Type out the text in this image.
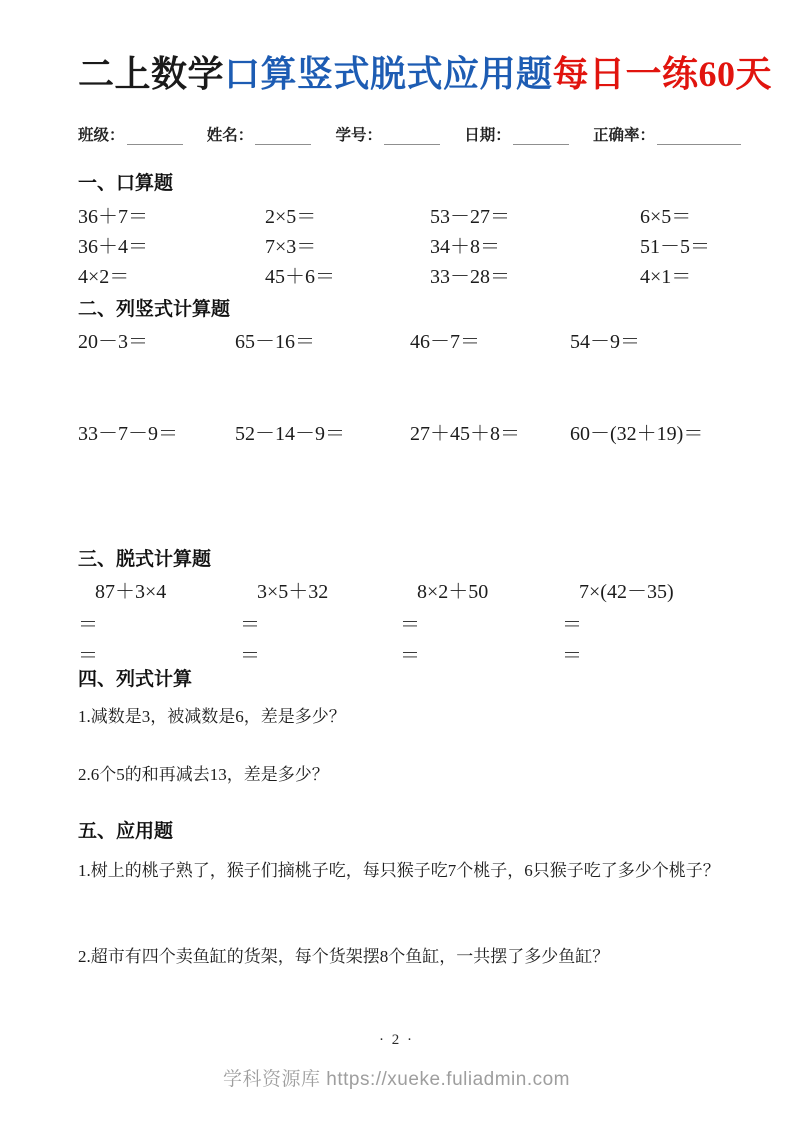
二上数学口算竖式脱式应用题每日一练60天
班级：	姓名：	学号：	日期：	正确率：
一、口算题
36＋7＝	2×5＝	53－27＝	6×5＝
36＋4＝	7×3＝	34＋8＝	51－5＝
4×2＝	45＋6＝	33－28＝	4×1＝
二、列竖式计算题
20－3＝	65－16＝	46－7＝	54－9＝
33－7－9＝	52－14－9＝	27＋45＋8＝	60－(32＋19)＝
三、脱式计算题
87＋3×4	3×5＋32	8×2＋50	7×(42－35)
＝	＝	＝	＝
＝	＝	＝	＝
四、列式计算
1.减数是3，被减数是6，差是多少？
2.6个5的和再减去13，差是多少？
五、应用题
1.树上的桃子熟了，猴子们摘桃子吃，每只猴子吃7个桃子，6只猴子吃了多少个桃子？
2.超市有四个卖鱼缸的货架，每个货架摆8个鱼缸，一共摆了多少鱼缸？
· 2 ·
学科资源库 https://xueke.fuliadmin.com
